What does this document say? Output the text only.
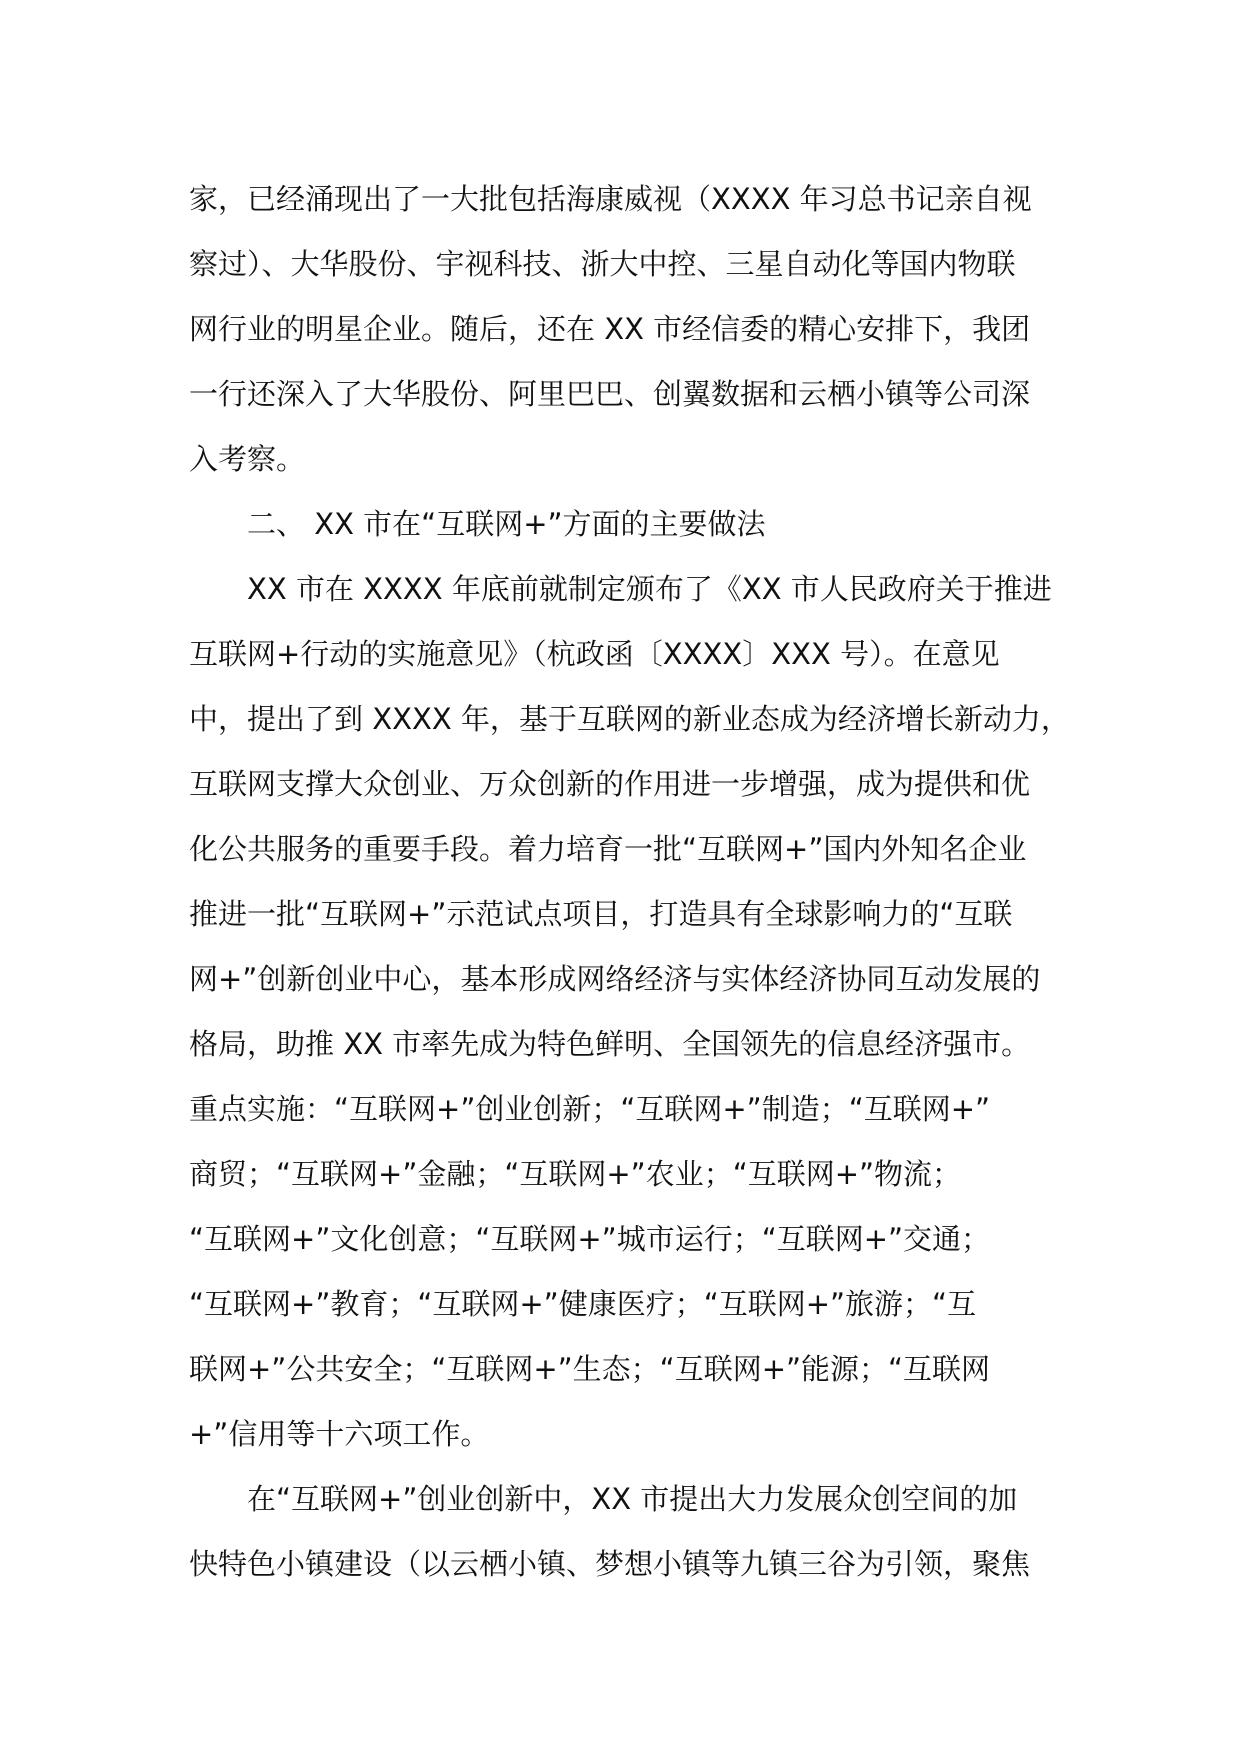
家，已经涌现出了一大批包括海康威视（XXXX 年习总书记亲自视
察过）、大华股份、宇视科技、浙大中控、三星自动化等国内物联
网行业的明星企业。随后，还在 XX 市经信委的精心安排下，我团
一行还深入了大华股份、阿里巴巴、创翼数据和云栖小镇等公司深
入考察。
二、 XX 市在“互联网+”方面的主要做法
XX 市在 XXXX 年底前就制定颁布了《XX 市人民政府关于推进
互联网+行动的实施意见》（杭政函〔XXXX〕XXX 号）。在意见
中，提出了到 XXXX 年，基于互联网的新业态成为经济增长新动力，
互联网支撑大众创业、万众创新的作用进一步增强，成为提供和优
化公共服务的重要手段。着力培育一批“互联网+”国内外知名企业
推进一批“互联网+”示范试点项目，打造具有全球影响力的“互联
网+”创新创业中心，基本形成网络经济与实体经济协同互动发展的
格局，助推 XX 市率先成为特色鲜明、全国领先的信息经济强市。
重点实施：“互联网+”创业创新；“互联网+”制造；“互联网+”
商贸；“互联网+”金融；“互联网+”农业；“互联网+”物流；
“互联网+”文化创意；“互联网+”城市运行；“互联网+”交通；
“互联网+”教育；“互联网+”健康医疗；“互联网+”旅游；“互
联网+”公共安全；“互联网+”生态；“互联网+”能源；“互联网
+”信用等十六项工作。
在“互联网+”创业创新中，XX 市提出大力发展众创空间的加
快特色小镇建设（以云栖小镇、梦想小镇等九镇三谷为引领，聚焦
